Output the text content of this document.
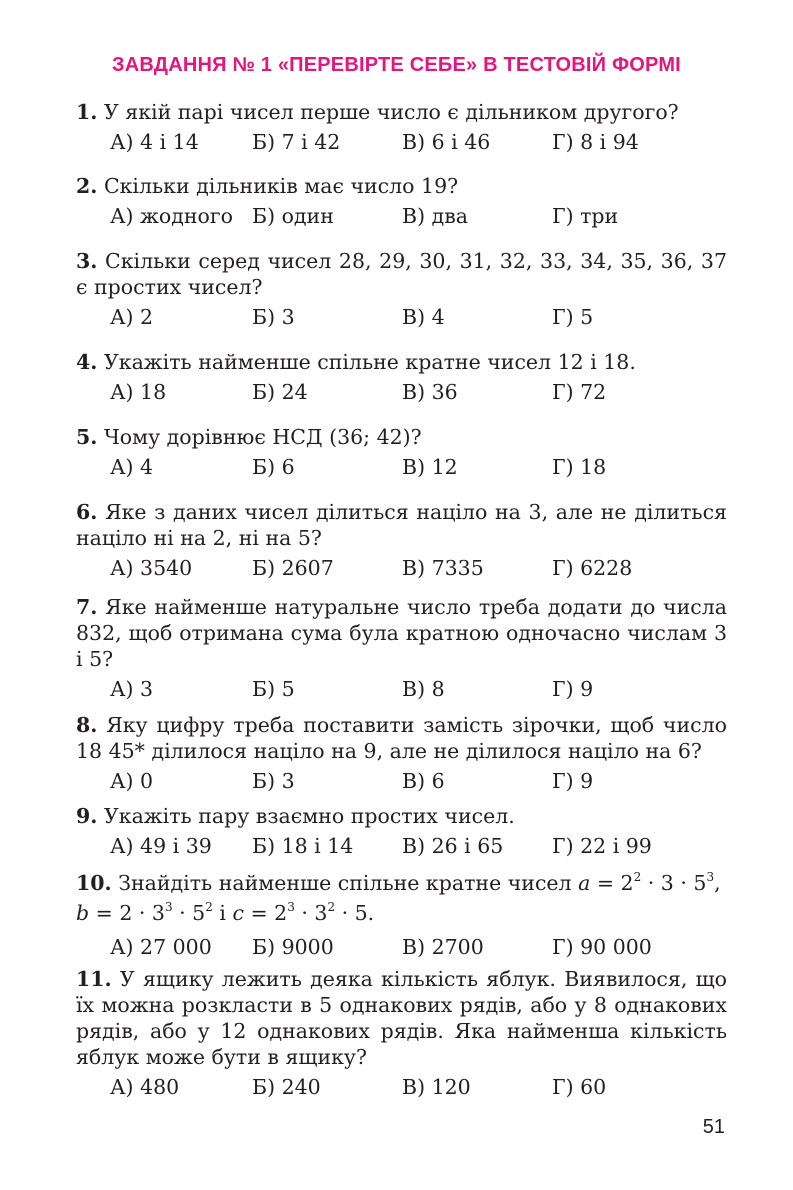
ЗАВДАННЯ № 1 «ПЕРЕВІРТЕ СЕБЕ» В ТЕСТОВІЙ ФОРМІ
1. У якій парі чисел перше число є дільником другого?
А) 4 і 14	Б) 7 і 42	В) 6 і 46	Г) 8 і 94
2. Скільки дільників має число 19?
А) жодного Б) один	В) два	Г) три
3. Скільки серед чисел 28, 29, 30, 31, 32, 33, 34, 35, 36, 37 є простих чисел?
А) 2	Б) 3	В) 4	Г) 5
4. Укажіть найменше спільне кратне чисел 12 і 18.
А) 18	Б) 24	В) 36	Г) 72
5. Чому дорівнює НСД (36; 42)?
А) 4	Б) 6	В) 12	Г) 18
6. Яке з даних чисел ділиться націло на 3, але не ділиться націло ні на 2, ні на 5?
А) 3540	Б) 2607	В) 7335	Г) 6228
7. Яке найменше натуральне число треба додати до числа 832, щоб отримана сума була кратною одночасно числам 3 і 5?
А) 3	Б) 5	В) 8	Г) 9
8. Яку цифру треба поставити замість зірочки, щоб число 18 45* ділилося націло на 9, але не ділилося націло на 6?
А) 0	Б) 3	В) 6	Г) 9
9. Укажіть пару взаємно простих чисел.
А) 49 і 39 Б) 18 і 14 В) 26 і 65 Г) 22 і 99
10. Знайдіть найменше спільне кратне чисел $a = 2^2 \cdot 3 \cdot 5^3$,
$b = 2 \cdot 3^3 \cdot 5^2$ і $c = 2^3 \cdot 3^2 \cdot 5$.
А) 27 000 Б) 9000	В) 2700	Г) 90 000
11. У ящику лежить деяка кількість яблук. Виявилося, що їх можна розкласти в 5 однакових рядів, або у 8 однакових рядів, або у 12 однакових рядів. Яка найменша кількість яблук може бути в ящику?
А) 480	Б) 240	В) 120	Г) 60
51
